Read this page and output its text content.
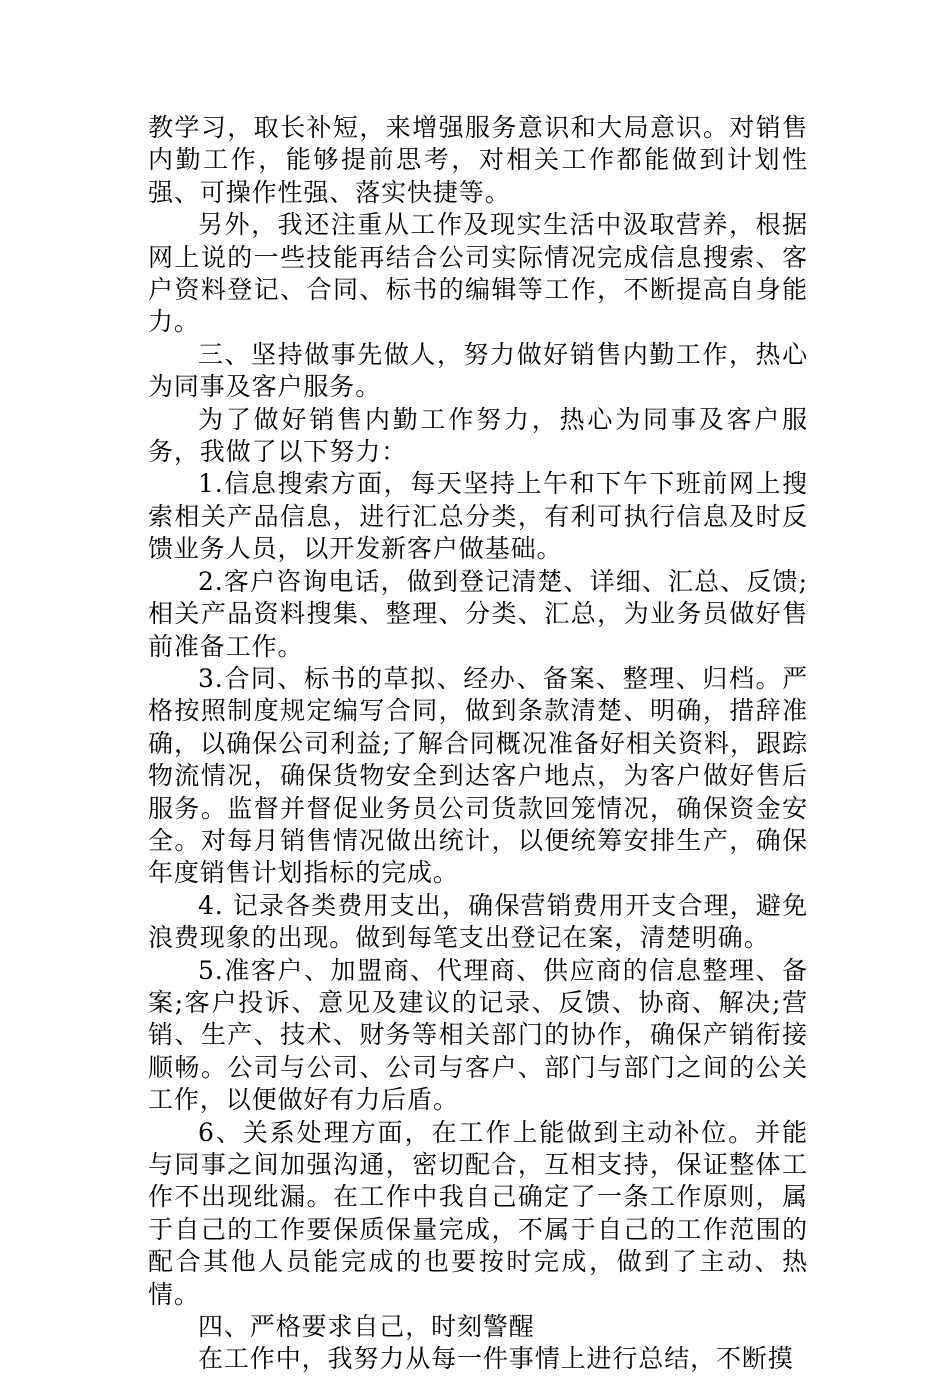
教学习，取长补短，来增强服务意识和大局意识。对销售内勤工作，能够提前思考，对相关工作都能做到计划性强、可操作性强、落实快捷等。

另外，我还注重从工作及现实生活中汲取营养，根据网上说的一些技能再结合公司实际情况完成信息搜索、客户资料登记、合同、标书的编辑等工作，不断提高自身能力。

三、坚持做事先做人，努力做好销售内勤工作，热心为同事及客户服务。

为了做好销售内勤工作努力，热心为同事及客户服务，我做了以下努力：

1.信息搜索方面，每天坚持上午和下午下班前网上搜索相关产品信息，进行汇总分类，有利可执行信息及时反馈业务人员，以开发新客户做基础。

2.客户咨询电话，做到登记清楚、详细、汇总、反馈;相关产品资料搜集、整理、分类、汇总，为业务员做好售前准备工作。

3.合同、标书的草拟、经办、备案、整理、归档。严格按照制度规定编写合同，做到条款清楚、明确，措辞准确，以确保公司利益;了解合同概况准备好相关资料，跟踪物流情况，确保货物安全到达客户地点，为客户做好售后服务。监督并督促业务员公司货款回笼情况，确保资金安全。对每月销售情况做出统计，以便统筹安排生产，确保年度销售计划指标的完成。

4. 记录各类费用支出，确保营销费用开支合理，避免浪费现象的出现。做到每笔支出登记在案，清楚明确。

5.准客户、加盟商、代理商、供应商的信息整理、备案;客户投诉、意见及建议的记录、反馈、协商、解决;营销、生产、技术、财务等相关部门的协作，确保产销衔接顺畅。公司与公司、公司与客户、部门与部门之间的公关工作，以便做好有力后盾。

6、关系处理方面，在工作上能做到主动补位。并能与同事之间加强沟通，密切配合，互相支持，保证整体工作不出现纰漏。在工作中我自己确定了一条工作原则，属于自己的工作要保质保量完成，不属于自己的工作范围的配合其他人员能完成的也要按时完成，做到了主动、热情。

四、严格要求自己，时刻警醒

在工作中，我努力从每一件事情上进行总结，不断摸
